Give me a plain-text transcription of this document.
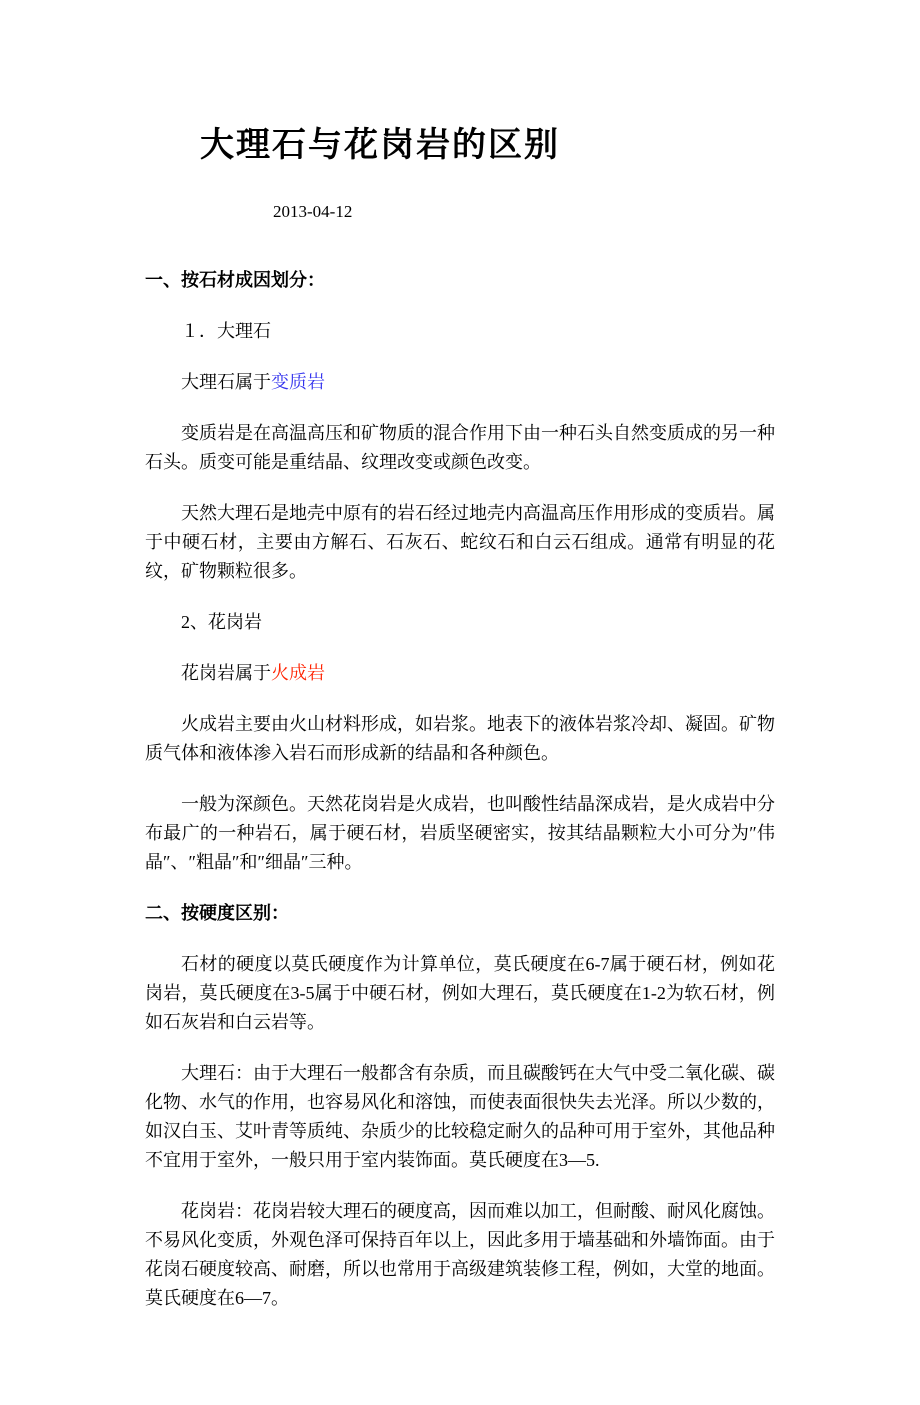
大理石与花岗岩的区别
2013-04-12

一、按石材成因划分：

１．大理石

大理石属于变质岩

变质岩是在高温高压和矿物质的混合作用下由一种石头自然变质成的另一种石头。质变可能是重结晶、纹理改变或颜色改变。

天然大理石是地壳中原有的岩石经过地壳内高温高压作用形成的变质岩。属于中硬石材，主要由方解石、石灰石、蛇纹石和白云石组成。通常有明显的花纹，矿物颗粒很多。

2、花岗岩

花岗岩属于火成岩

火成岩主要由火山材料形成，如岩浆。地表下的液体岩浆冷却、凝固。矿物质气体和液体渗入岩石而形成新的结晶和各种颜色。

一般为深颜色。天然花岗岩是火成岩，也叫酸性结晶深成岩，是火成岩中分布最广的一种岩石，属于硬石材，岩质坚硬密实，按其结晶颗粒大小可分为″伟晶″、″粗晶″和″细晶″三种。

二、按硬度区别：

石材的硬度以莫氏硬度作为计算单位，莫氏硬度在6-7属于硬石材，例如花岗岩，莫氏硬度在3-5属于中硬石材，例如大理石，莫氏硬度在1-2为软石材，例如石灰岩和白云岩等。

大理石：由于大理石一般都含有杂质，而且碳酸钙在大气中受二氧化碳、碳化物、水气的作用，也容易风化和溶蚀，而使表面很快失去光泽。所以少数的，如汉白玉、艾叶青等质纯、杂质少的比较稳定耐久的品种可用于室外，其他品种不宜用于室外，一般只用于室内装饰面。莫氏硬度在3—5.

花岗岩：花岗岩较大理石的硬度高，因而难以加工，但耐酸、耐风化腐蚀。不易风化变质，外观色泽可保持百年以上，因此多用于墙基础和外墙饰面。由于花岗石硬度较高、耐磨，所以也常用于高级建筑装修工程，例如，大堂的地面。莫氏硬度在6—7。
